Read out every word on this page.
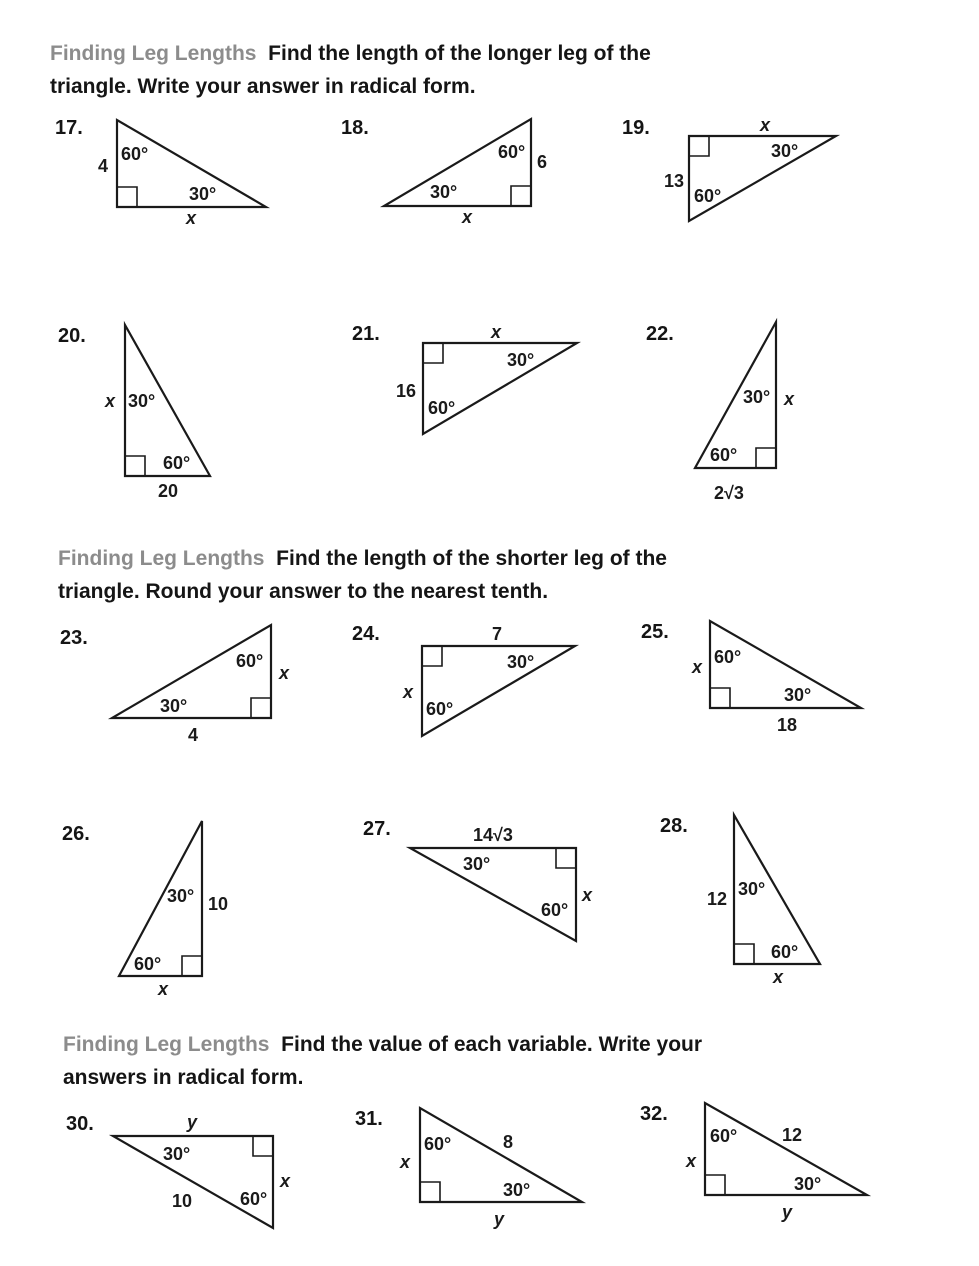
Finding Leg Lengths Find the length of the longer leg of the
triangle. Write your answer in radical form.
Finding Leg Lengths Find the length of the shorter leg of the
triangle. Round your answer to the nearest tenth.
Finding Leg Lengths Find the value of each variable. Write your
answers in radical form.
17.	18.	19.
20.	21.	22.
23.	24.	25.
26.	27.	28.
30.	31.	32.
4
60°
30°
x
60° 6
30°
x
x
30°
13
60°
x 30°
60°
20
x
30°
16
60°
30° x
60°
2√3
60°
x
30°
4
7
30°
x
60°
x 60°
30°
18
30° 10
60°
x
14√3
30°
60°
x	12 30°
60°
x
y
30°
x
10	60°
60°	8
x
30°
y
60° 12
x
30°
y
